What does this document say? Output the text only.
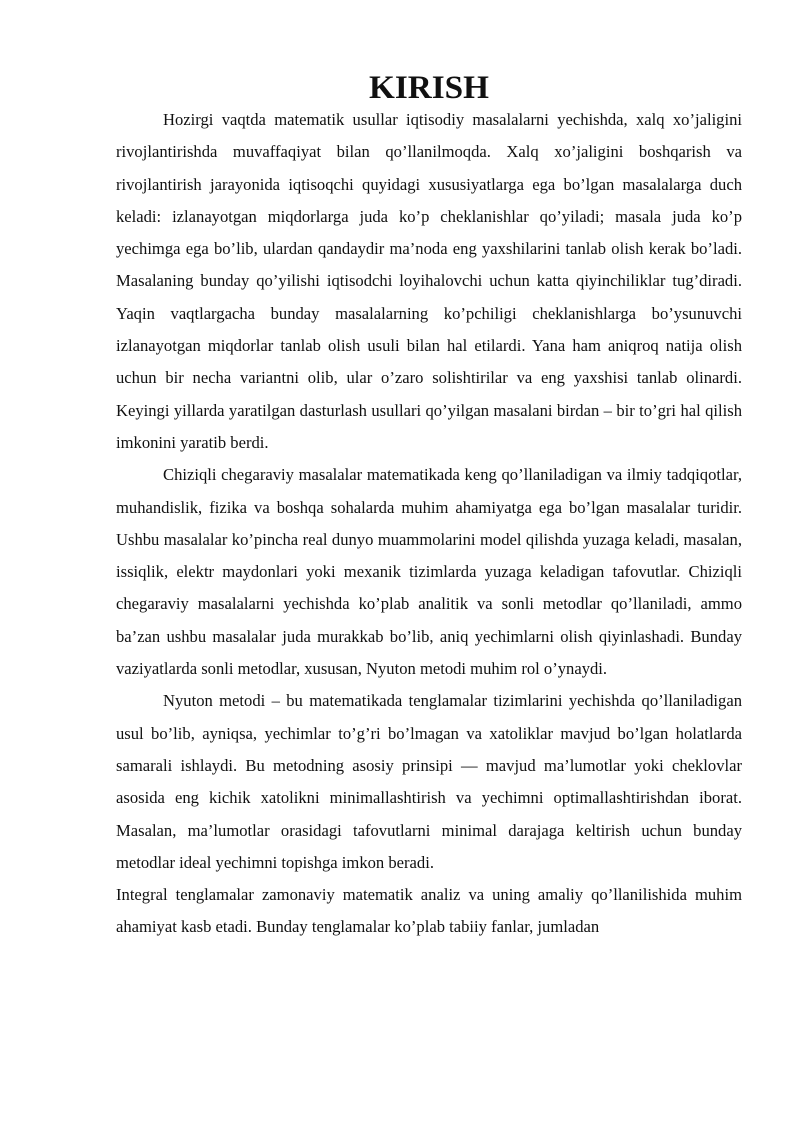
KIRISH

Hozirgi vaqtda matematik usullar iqtisodiy masalalarni yechishda, xalq xo’jaligini rivojlantirishda muvaffaqiyat bilan qo’llanilmoqda. Xalq xo’jaligini boshqarish va rivojlantirish jarayonida iqtisoqchi quyidagi xususiyatlarga ega bo’lgan masalalarga duch keladi: izlanayotgan miqdorlarga juda ko’p cheklanishlar qo’yiladi; masala juda ko’p yechimga ega bo’lib, ulardan qandaydir ma’noda eng yaxshilarini tanlab olish kerak bo’ladi. Masalaning bunday qo’yilishi iqtisodchi loyihalovchi uchun katta qiyinchiliklar tug’diradi. Yaqin vaqtlargacha bunday masalalarning ko’pchiligi cheklanishlarga bo’ysunuvchi izlanayotgan miqdorlar tanlab olish usuli bilan hal etilardi. Yana ham aniqroq natija olish uchun bir necha variantni olib, ular o’zaro solishtirilar va eng yaxshisi tanlab olinardi. Keyingi yillarda yaratilgan dasturlash usullari qo’yilgan masalani birdan – bir to’gri hal qilish imkonini yaratib berdi.

Chiziqli chegaraviy masalalar matematikada keng qo’llaniladigan va ilmiy tadqiqotlar, muhandislik, fizika va boshqa sohalarda muhim ahamiyatga ega bo’lgan masalalar turidir. Ushbu masalalar ko’pincha real dunyo muammolarini model qilishda yuzaga keladi, masalan, issiqlik, elektr maydonlari yoki mexanik tizimlarda yuzaga keladigan tafovutlar. Chiziqli chegaraviy masalalarni yechishda ko’plab analitik va sonli metodlar qo’llaniladi, ammo ba’zan ushbu masalalar juda murakkab bo’lib, aniq yechimlarni olish qiyinlashadi. Bunday vaziyatlarda sonli metodlar, xususan, Nyuton metodi muhim rol o’ynaydi.

Nyuton metodi – bu matematikada tenglamalar tizimlarini yechishda qo’llaniladigan usul bo’lib, ayniqsa, yechimlar to’g’ri bo’lmagan va xatoliklar mavjud bo’lgan holatlarda samarali ishlaydi. Bu metodning asosiy prinsipi — mavjud ma’lumotlar yoki cheklovlar asosida eng kichik xatolikni minimallashtirish va yechimni optimallashtirishdan iborat. Masalan, ma’lumotlar orasidagi tafovutlarni minimal darajaga keltirish uchun bunday metodlar ideal yechimni topishga imkon beradi.

Integral tenglamalar zamonaviy matematik analiz va uning amaliy qo’llanilishida muhim ahamiyat kasb etadi. Bunday tenglamalar ko’plab tabiiy fanlar, jumladan
